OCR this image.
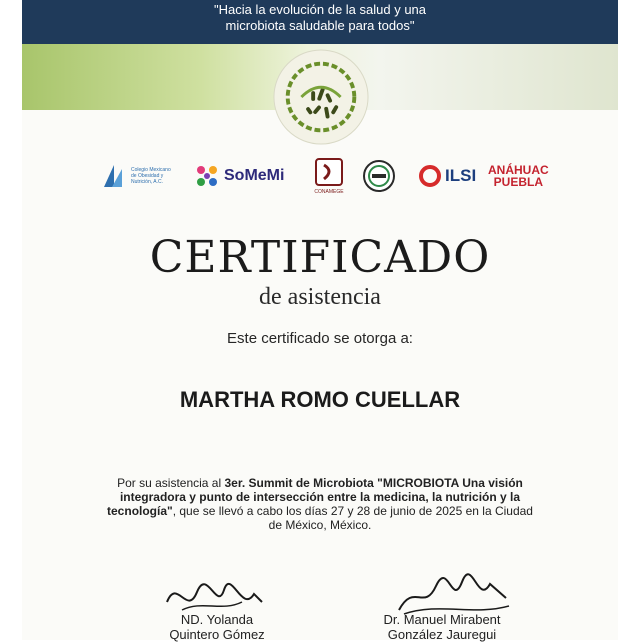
"Hacia la evolución de la salud y una
microbiota saludable para todos"
Colegio Mexicano de Obesidad y Nutrición, A.C.	SoMeMi
CONAMEGE
ILSI ANÁHUAC
PUEBLA
CERTIFICADO
de asistencia
Este certificado se otorga a:
MARTHA ROMO CUELLAR
Por su asistencia al 3er. Summit de Microbiota "MICROBIOTA Una visión integradora y punto de intersección entre la medicina, la nutrición y la tecnología", que se llevó a cabo los días 27 y 28 de junio de 2025 en la Ciudad de México, México.
ND. Yolanda
Quintero Gómez
Dr. Manuel Mirabent
González Jauregui
